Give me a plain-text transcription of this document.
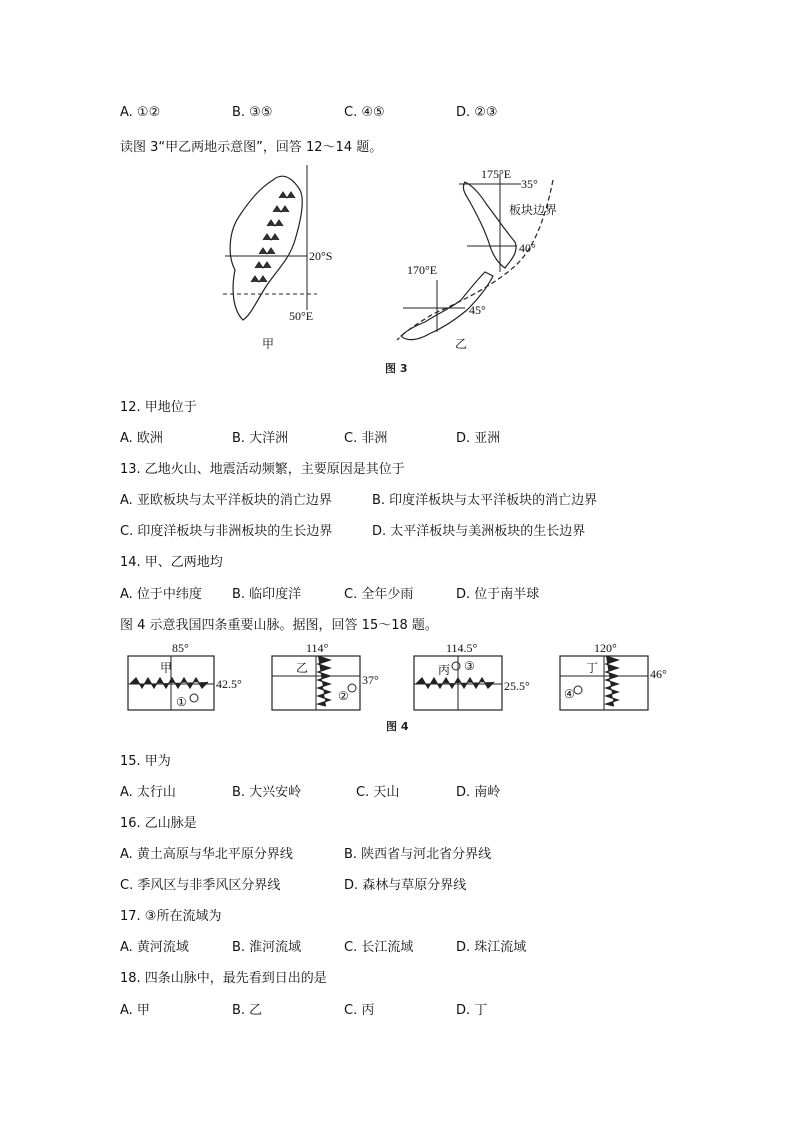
A. ①②	B. ③⑤	C. ④⑤	D. ②③
读图 3“甲乙两地示意图”，回答 12～14 题。
20°S
50°E
甲
175°E
35°
板块边界
40°
170°E
45°
乙
图 3
12. 甲地位于
A. 欧洲	B. 大洋洲	C. 非洲	D. 亚洲
13. 乙地火山、地震活动频繁，主要原因是其位于
A. 亚欧板块与太平洋板块的消亡边界	B. 印度洋板块与太平洋板块的消亡边界
C. 印度洋板块与非洲板块的生长边界	D. 太平洋板块与美洲板块的生长边界
14. 甲、乙两地均
A. 位于中纬度 B. 临印度洋	C. 全年少雨	D. 位于南半球
图 4 示意我国四条重要山脉。据图，回答 15～18 题。
85°
甲
42.5°
①
114°
乙
37°
②
114.5°
丙 ③
25.5°
120°
丁	46°
④
图 4
15. 甲为
A. 太行山	B. 大兴安岭	C. 天山	D. 南岭
16. 乙山脉是
A. 黄土高原与华北平原分界线	B. 陕西省与河北省分界线
C. 季风区与非季风区分界线	D. 森林与草原分界线
17. ③所在流域为
A. 黄河流域	B. 淮河流域	C. 长江流域	D. 珠江流域
18. 四条山脉中，最先看到日出的是
A. 甲	B. 乙	C. 丙	D. 丁
